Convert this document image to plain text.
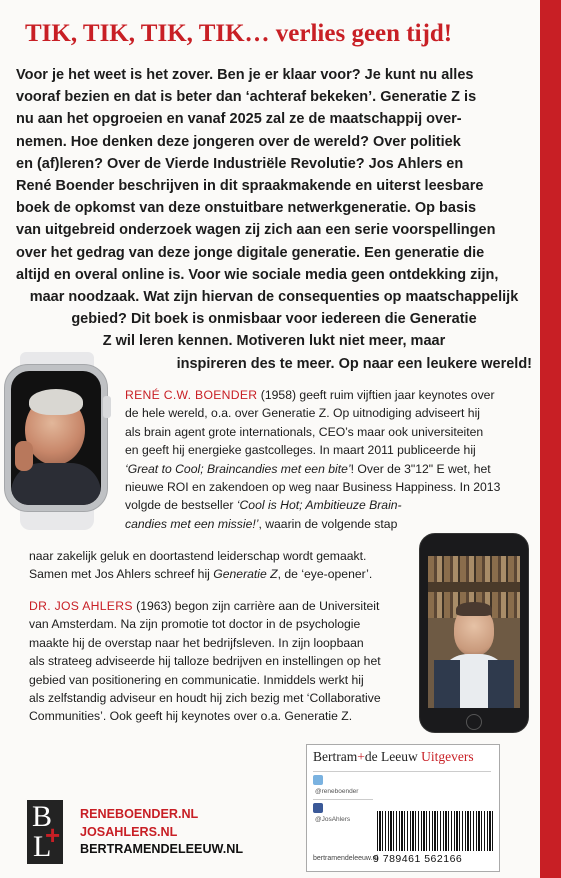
TIK, TIK, TIK, TIK… verlies geen tijd!

Voor je het weet is het zover. Ben je er klaar voor? Je kunt nu alles
vooraf bezien en dat is beter dan ‘achteraf bekeken’. Generatie Z is
nu aan het opgroeien en vanaf 2025 zal ze de maatschappij over-
nemen. Hoe denken deze jongeren over de wereld? Over politiek
en (af)leren? Over de Vierde Industriële Revolutie? Jos Ahlers en
René Boender beschrijven in dit spraakmakende en uiterst leesbare
boek de opkomst van deze onstuitbare netwerkgeneratie. Op basis
van uitgebreid onderzoek wagen zij zich aan een serie voorspellingen
over het gedrag van deze jonge digitale generatie. Een generatie die
altijd en overal online is. Voor wie sociale media geen ontdekking zijn,
maar noodzaak. Wat zijn hiervan de consequenties op maatschappelijk
gebied? Dit boek is onmisbaar voor iedereen die Generatie
Z wil leren kennen. Motiveren lukt niet meer, maar
inspireren des te meer. Op naar een leukere wereld!

RENÉ C.W. BOENDER (1958) geeft ruim vijftien jaar keynotes over
de hele wereld, o.a. over Generatie Z. Op uitnodiging adviseert hij
als brain agent grote internationals, CEO’s maar ook universiteiten
en geeft hij energieke gastcolleges. In maart 2011 publiceerde hij
‘Great to Cool; Braincandies met een bite’! Over de 3"12" E wet, het
nieuwe ROI en zakendoen op weg naar Business Happiness. In 2013
volgde de bestseller ‘Cool is Hot; Ambitieuze Brain-
candies met een missie!’, waarin de volgende stap

naar zakelijk geluk en doortastend leiderschap wordt gemaakt.
Samen met Jos Ahlers schreef hij Generatie Z, de ‘eye-opener’.

DR. JOS AHLERS (1963) begon zijn carrière aan de Universiteit
van Amsterdam. Na zijn promotie tot doctor in de psychologie
maakte hij de overstap naar het bedrijfsleven. In zijn loopbaan
als strateeg adviseerde hij talloze bedrijven en instellingen op het
gebied van positionering en communicatie. Inmiddels werkt hij
als zelfstandig adviseur en houdt hij zich bezig met ‘Collaborative
Communities’. Ook geeft hij keynotes over o.a. Generatie Z.

Bertram+de Leeuw Uitgevers
@reneboender
@JosAhlers
bertramendeleeuw.nl
9 789461 562166
B
L
+

RENEBOENDER.NL
JOSAHLERS.NL
BERTRAMENDELEEUW.NL
